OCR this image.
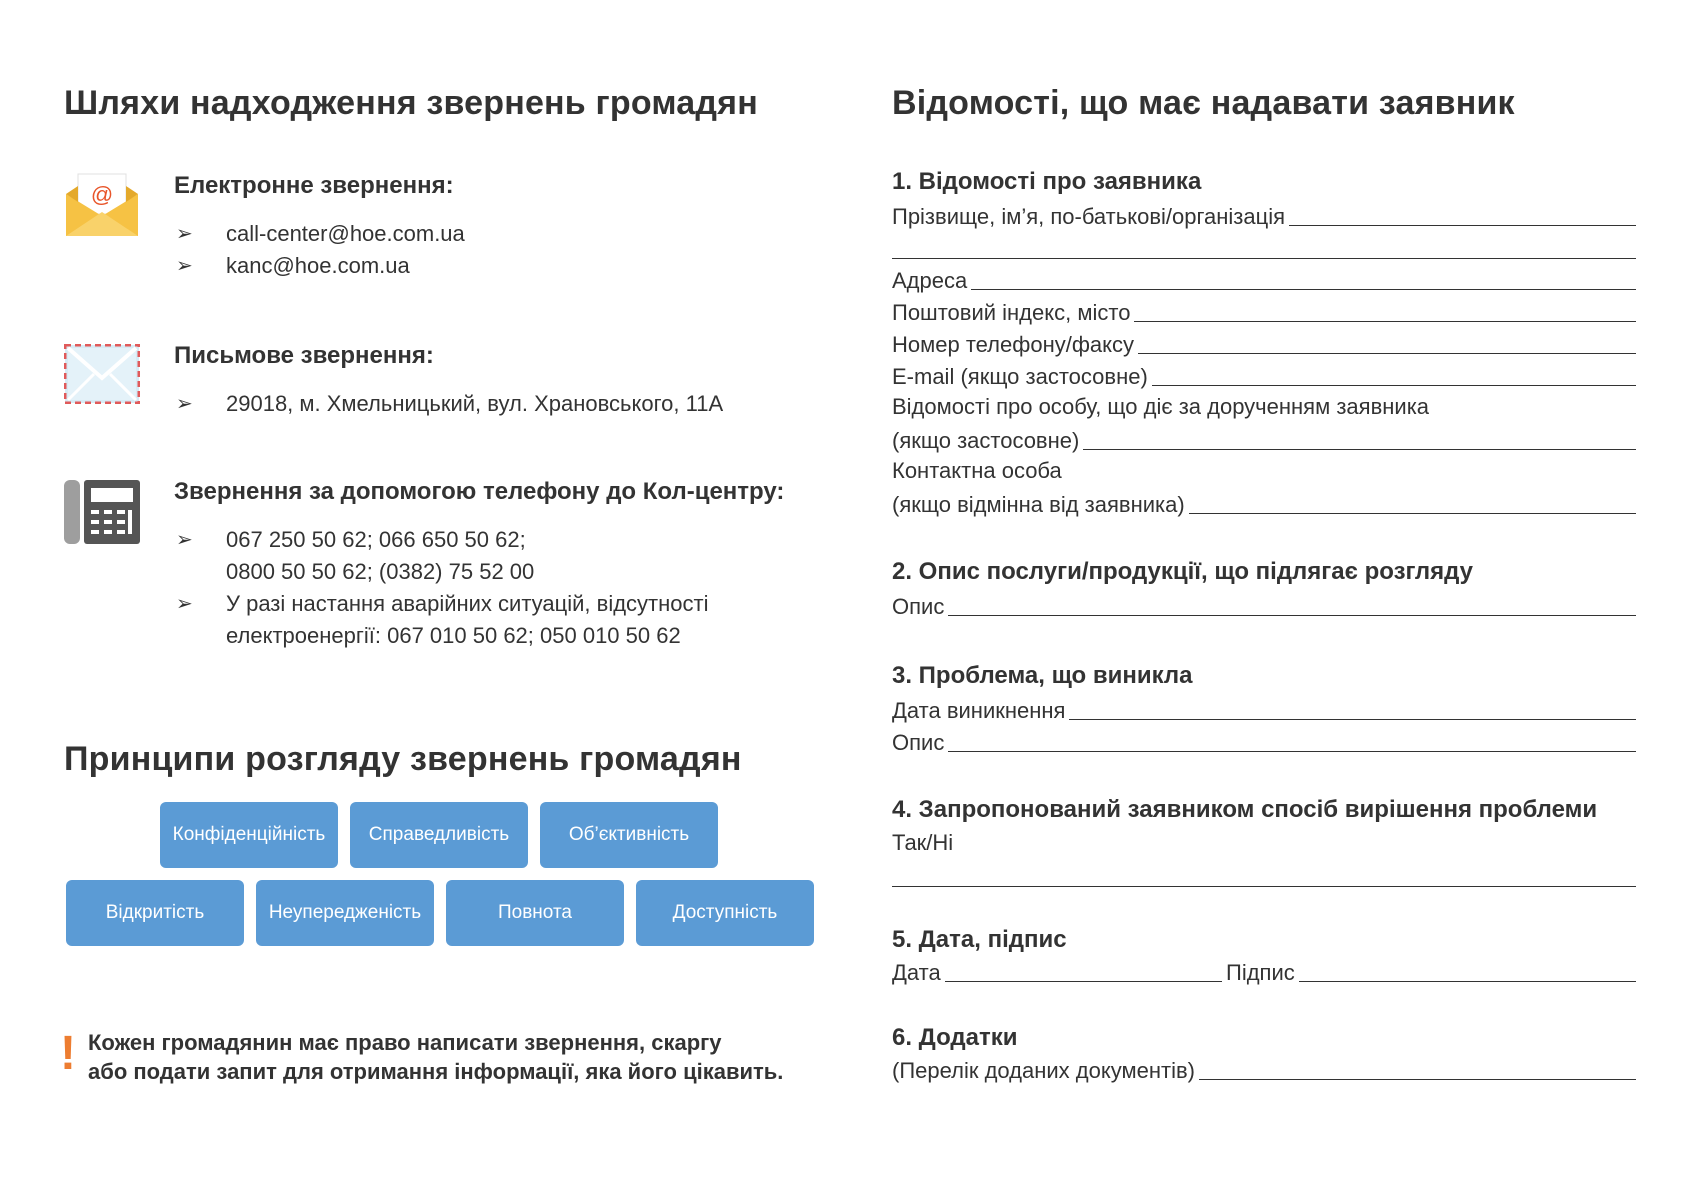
Шляхи надходження звернень громадян
@	Електронне звернення:
➢ call-center@hoe.com.ua
➢ kanc@hoe.com.ua
Письмове звернення:
➢ 29018, м. Хмельницький, вул. Храновського, 11А
Звернення за допомогою телефону до Кол-центру:
➢ 067 250 50 62; 066 650 50 62;
0800 50 50 62; (0382) 75 52 00
➢ У разі настання аварійних ситуацій, відсутності
електроенергії: 067 010 50 62; 050 010 50 62
Принципи розгляду звернень громадян
Конфіденційність	Справедливість	Об’єктивність
Відкритість	Неупередженість	Повнота	Доступність
! Кожен громадянин має право написати звернення, скаргу
або подати запит для отримання інформації, яка його цікавить.
Відомості, що має надавати заявник
1. Відомості про заявника
Прізвище, ім’я, по-батькові/організація
Адреса
Поштовий індекс, місто
Номер телефону/факсу
E-mail (якщо застосовне)
Відомості про особу, що діє за дорученням заявника
(якщо застосовне)
Контактна особа
(якщо відмінна від заявника)
2. Опис послуги/продукції, що підлягає розгляду
Опис
3. Проблема, що виникла
Дата виникнення
Опис
4. Запропонований заявником спосіб вирішення проблеми
Так/Ні
5. Дата, підпис
Дата	Підпис
6. Додатки
(Перелік доданих документів)
